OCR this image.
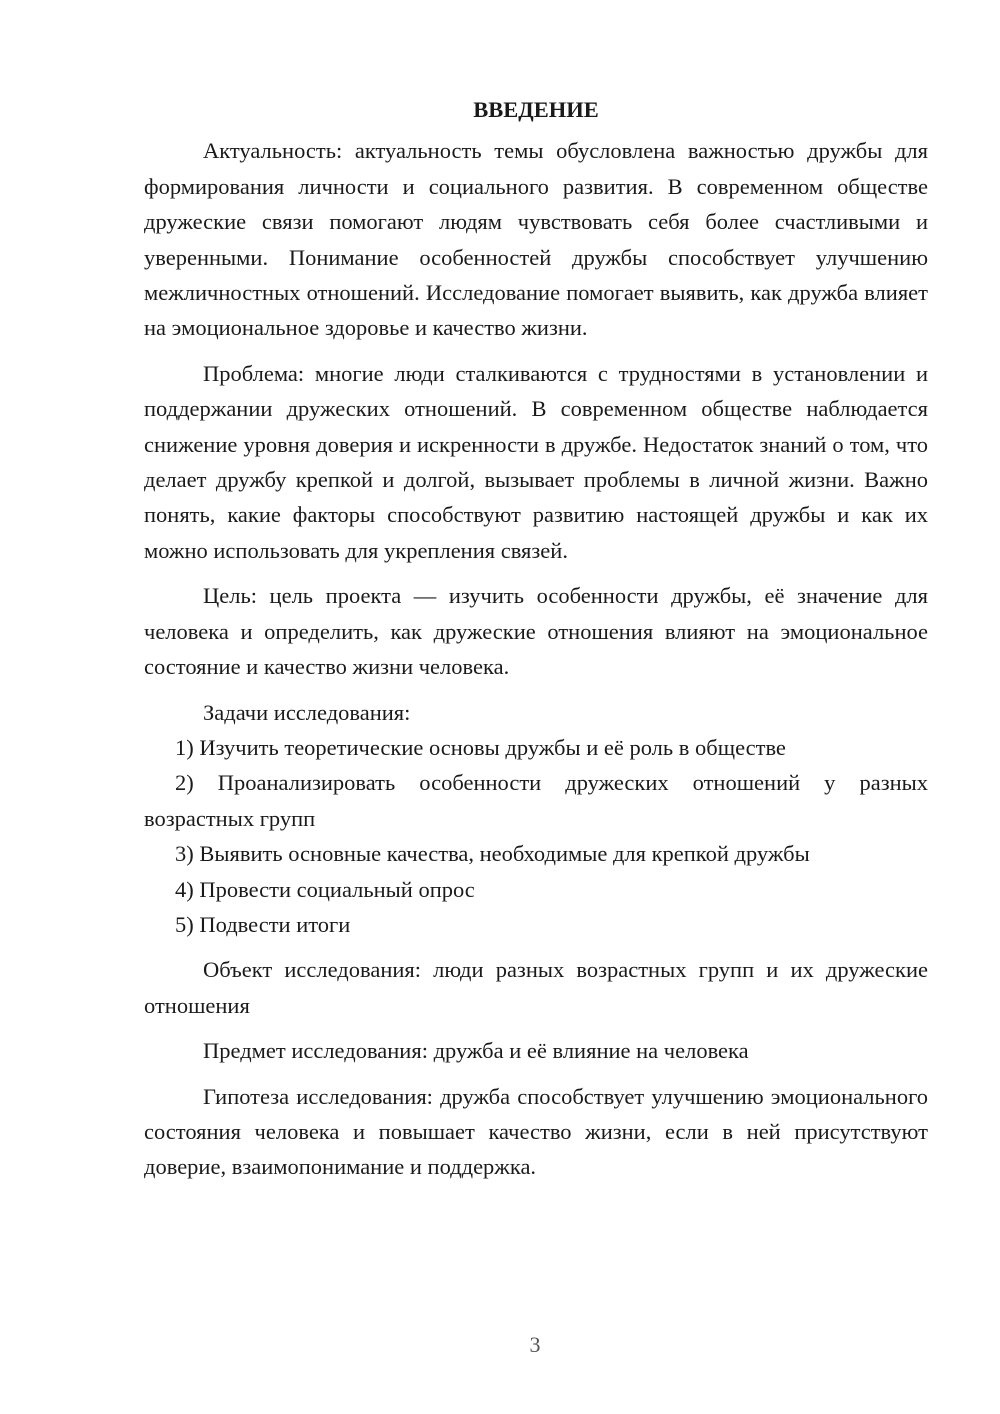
ВВЕДЕНИЕ

Актуальность: актуальность темы обусловлена важностью дружбы для формирования личности и социального развития. В современном обществе дружеские связи помогают людям чувствовать себя более счастливыми и уверенными. Понимание особенностей дружбы способствует улучшению межличностных отношений. Исследование помогает выявить, как дружба влияет на эмоциональное здоровье и качество жизни.

Проблема: многие люди сталкиваются с трудностями в установлении и поддержании дружеских отношений. В современном обществе наблюдается снижение уровня доверия и искренности в дружбе. Недостаток знаний о том, что делает дружбу крепкой и долгой, вызывает проблемы в личной жизни. Важно понять, какие факторы способствуют развитию настоящей дружбы и как их можно использовать для укрепления связей.

Цель: цель проекта — изучить особенности дружбы, её значение для человека и определить, как дружеские отношения влияют на эмоциональное состояние и качество жизни человека.

Задачи исследования:

1) Изучить теоретические основы дружбы и её роль в обществе

2) Проанализировать особенности дружеских отношений у разных возрастных групп

3) Выявить основные качества, необходимые для крепкой дружбы

4) Провести социальный опрос

5) Подвести итоги

Объект исследования: люди разных возрастных групп и их дружеские отношения

Предмет исследования: дружба и её влияние на человека

Гипотеза исследования: дружба способствует улучшению эмоционального состояния человека и повышает качество жизни, если в ней присутствуют доверие, взаимопонимание и поддержка.

3
